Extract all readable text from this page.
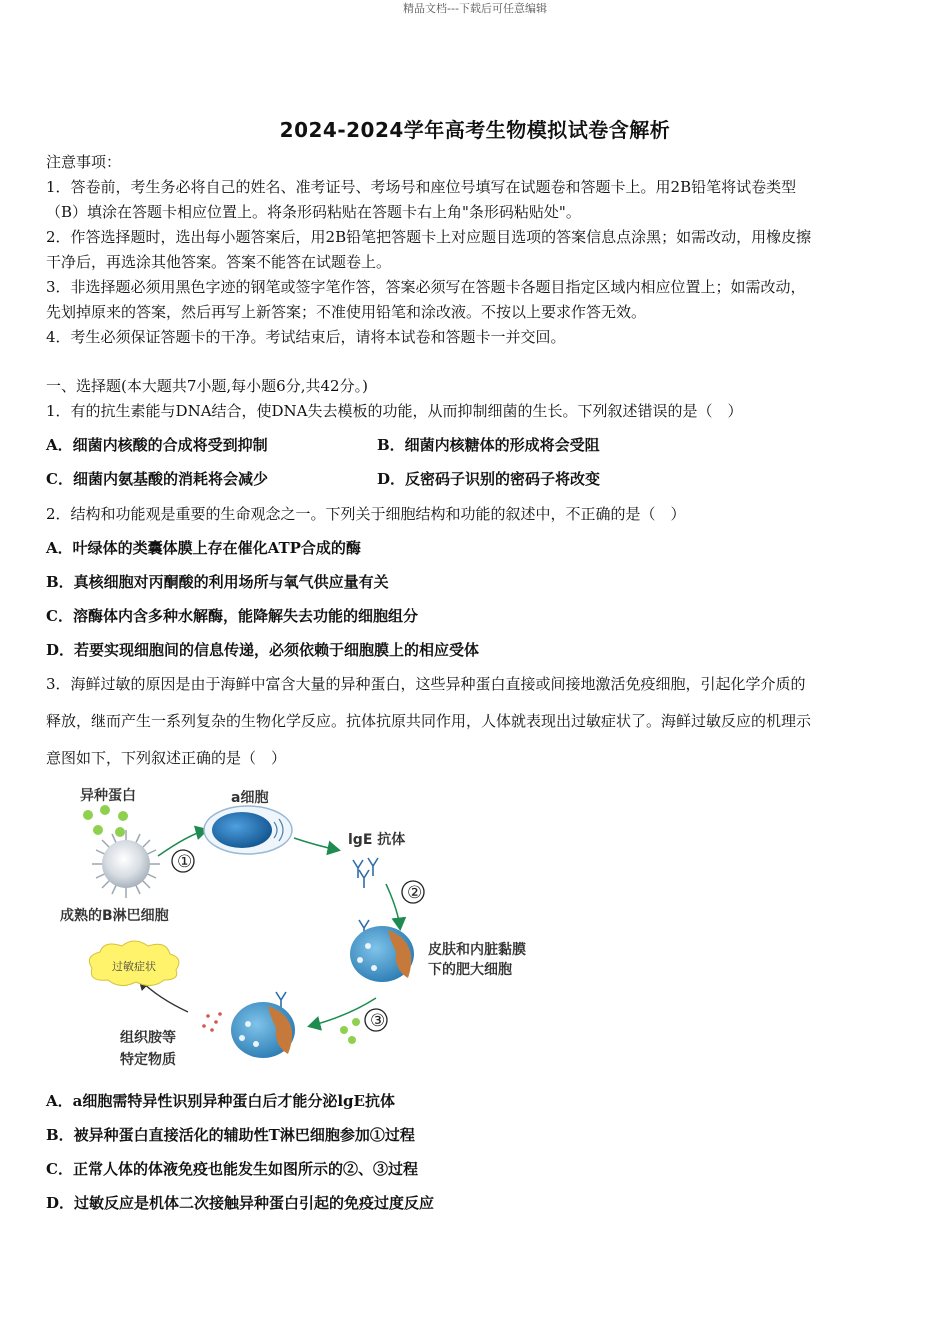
精品文档---下载后可任意编辑
2024-2024学年高考生物模拟试卷含解析
注意事项：
1．答卷前，考生务必将自己的姓名、准考证号、考场号和座位号填写在试题卷和答题卡上。用2B铅笔将试卷类型
（B）填涂在答题卡相应位置上。将条形码粘贴在答题卡右上角"条形码粘贴处"。
2．作答选择题时，选出每小题答案后，用2B铅笔把答题卡上对应题目选项的答案信息点涂黑；如需改动，用橡皮擦
干净后，再选涂其他答案。答案不能答在试题卷上。
3．非选择题必须用黑色字迹的钢笔或签字笔作答，答案必须写在答题卡各题目指定区域内相应位置上；如需改动，
先划掉原来的答案，然后再写上新答案；不准使用铅笔和涂改液。不按以上要求作答无效。
4．考生必须保证答题卡的干净。考试结束后，请将本试卷和答题卡一并交回。
一、选择题(本大题共7小题,每小题6分,共42分。)
1．有的抗生素能与DNA结合，使DNA失去模板的功能，从而抑制细菌的生长。下列叙述错误的是（　）
A．细菌内核酸的合成将受到抑制	B．细菌内核糖体的形成将会受阻
C．细菌内氨基酸的消耗将会减少	D．反密码子识别的密码子将改变
2．结构和功能观是重要的生命观念之一。下列关于细胞结构和功能的叙述中，不正确的是（　）
A．叶绿体的类囊体膜上存在催化ATP合成的酶
B．真核细胞对丙酮酸的利用场所与氧气供应量有关
C．溶酶体内含多种水解酶，能降解失去功能的细胞组分
D．若要实现细胞间的信息传递，必须依赖于细胞膜上的相应受体
3．海鲜过敏的原因是由于海鲜中富含大量的异种蛋白，这些异种蛋白直接或间接地激活免疫细胞，引起化学介质的
释放，继而产生一系列复杂的生物化学反应。抗体抗原共同作用，人体就表现出过敏症状了。海鲜过敏反应的机理示
意图如下，下列叙述正确的是（　）
异种蛋白
成熟的B淋巴细胞
①
a细胞
lgE 抗体
②
皮肤和内脏黏膜
下的肥大细胞
③
组织胺等
特定物质
过敏症状
A．a细胞需特异性识别异种蛋白后才能分泌lgE抗体
B．被异种蛋白直接活化的辅助性T淋巴细胞参加①过程
C．正常人体的体液免疫也能发生如图所示的②、③过程
D．过敏反应是机体二次接触异种蛋白引起的免疫过度反应
